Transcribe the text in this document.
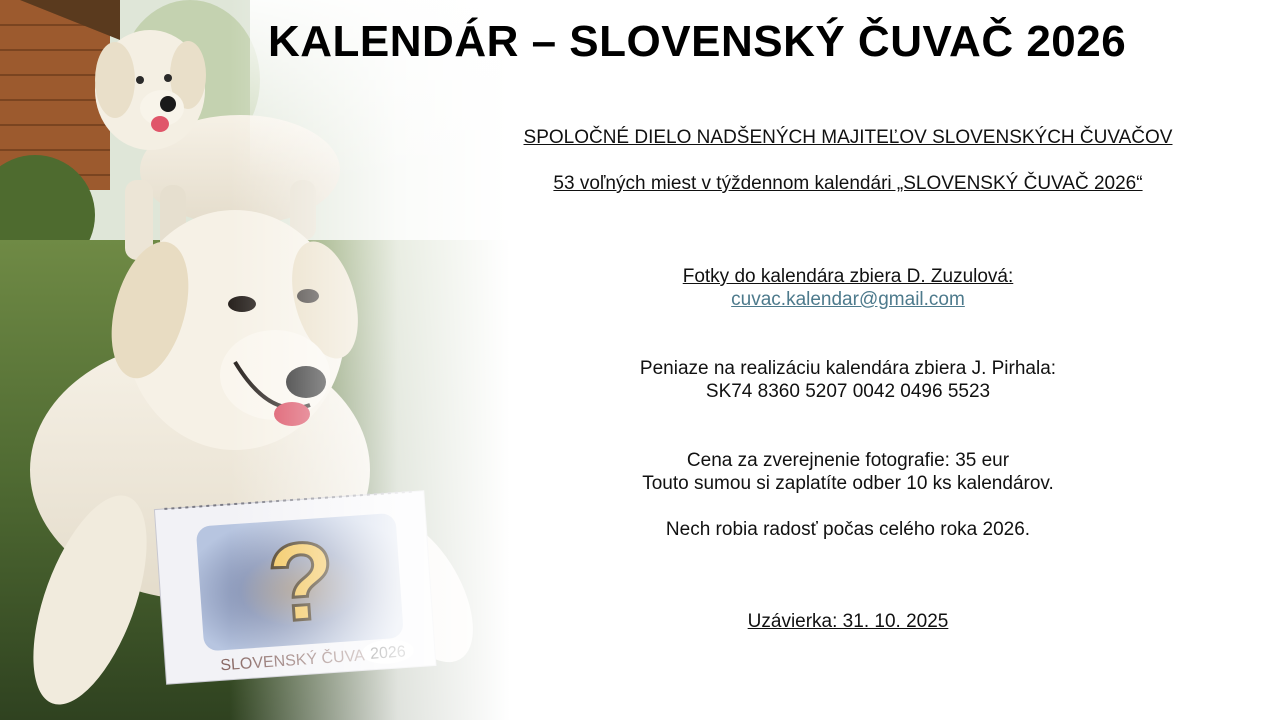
KALENDÁR – SLOVENSKÝ ČUVAČ 2026
SPOLOČNÉ DIELO NADŠENÝCH MAJITEĽOV SLOVENSKÝCH ČUVAČOV
53 voľných miest v týždennom kalendári „SLOVENSKÝ ČUVAČ 2026“
Fotky do kalendára zbiera D. Zuzulová:
cuvac.kalendar@gmail.com
Peniaze na realizáciu kalendára zbiera J. Pirhala:
SK74 8360 5207 0042 0496 5523
Cena za zverejnenie fotografie: 35 eur
Touto sumou si zaplatíte odber 10 ks kalendárov.
Nech robia radosť počas celého roka 2026.
Uzávierka: 31. 10. 2025
